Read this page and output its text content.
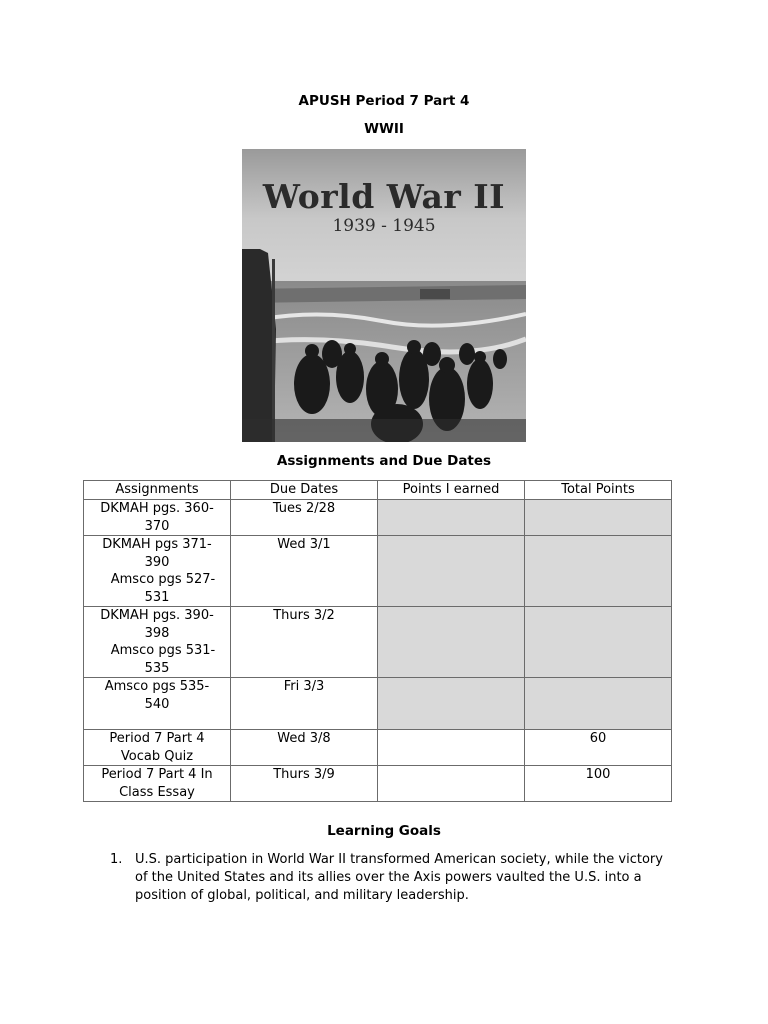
APUSH Period 7 Part 4
WWII
World War II
1939 - 1945
Assignments and Due Dates
Assignments	Due Dates	Points I earned	Total Points

DKMAH pgs. 360-
370	Tues 2/28		

DKMAH pgs 371-
390
Amsco pgs 527-
531	Wed 3/1		

DKMAH pgs. 390-
398
Amsco pgs 531-
535	Thurs 3/2		

Amsco pgs 535-
540	Fri 3/3		

Period 7 Part 4
Vocab Quiz	Wed 3/8		60

Period 7 Part 4 In
Class Essay	Thurs 3/9		100
Learning Goals
1. U.S. participation in World War II transformed American society, while the victory of the United States and its allies over the Axis powers vaulted the U.S. into a position of global, political, and military leadership.
